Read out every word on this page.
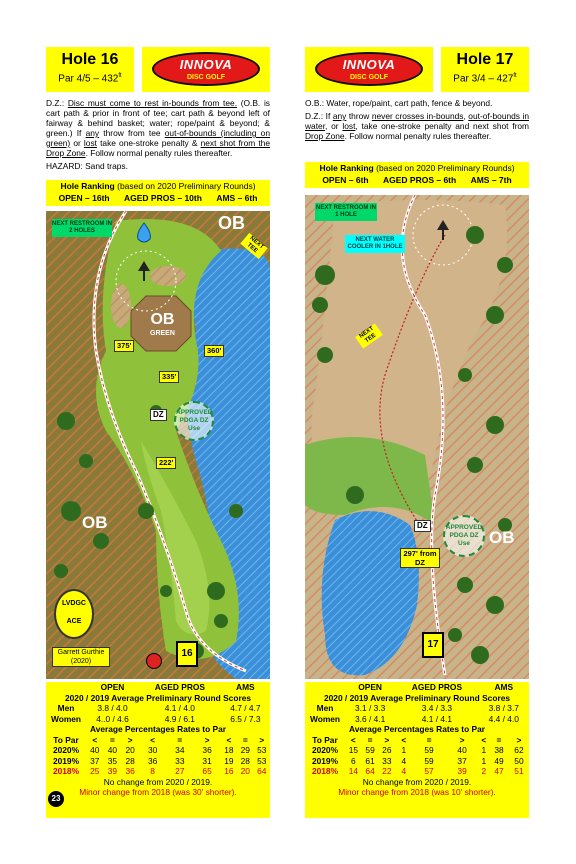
Hole 16
Par $4/5 - 432^{ft}$
INNOVA
DISC GOLF

D.Z.: Disc must come to rest in-bounds from tee. (O.B. is cart path & prior in front of tee; cart path & beyond left of fairway & behind basket; water; rope/paint & beyond; & green.) If any throw from tee out-of-bounds (including on green) or lost take one-stroke penalty & next shot from the Drop Zone. Follow normal penalty rules thereafter.

HAZARD: Sand traps.

Hole Ranking (based on 2020 Preliminary Rounds)
OPEN – 16th AGED PROS – 10th AMS – 6th
NEXT RESTROOM IN 2 HOLES	OB
NEXT TEE
OB
GREEN
375'
360'
335'
222'
DZ	APPROVED
PDGA DZ Use
OB
LVDGC
ACE
Garrett Gurthie
(2020)
16
	OPEN			AGED PROS			AMS		
2020 / 2019 Average Preliminary Round Scores									
Men	3.8 / 4.0			4.1 / 4.0			4.7 / 4.7		
Women	4..0 / 4.6			4.9 / 6.1			6.5 / 7.3		
Average Percentages Rates to Par									
To Par	<	=	>	<	=	>	<	=	>
2020%	40	40	20	30	34	36	18	29	53
2019%	37	35	28	36	33	31	19	28	53
2018%	25	39	36	8	27	65	16	20	64
No change from 2020 / 2019.									
Minor change from 2018 (was 30' shorter).									
23
INNOVA
DISC GOLF
Hole 17
Par $3/4 - 427^{ft}$

O.B.: Water, rope/paint, cart path, fence & beyond.

D.Z.: If any throw never crosses in-bounds, out-of-bounds in water, or lost, take one-stroke penalty and next shot from Drop Zone. Follow normal penalty rules thereafter.

Hole Ranking (based on 2020 Preliminary Rounds)
OPEN – 6th AGED PROS – 6th AMS – 7th
NEXT RESTROOM IN 1 HOLE
NEXT WATER COOLER IN 1HOLE
NEXT TEE
DZ
297' from DZ
APPROVED
PDGA DZ Use	OB
17
	OPEN			AGED PROS			AMS		
2020 / 2019 Average Preliminary Round Scores									
Men	3.1 / 3.3			3.4 / 3.3			3.8 / 3.7		
Women	3.6 / 4.1			4.1 / 4.1			4.4 / 4.0		
Average Percentages Rates to Par									
To Par	<	=	>	<	=	>	<	=	>
2020%	15	59	26	1	59	40	1	38	62
2019%	6	61	33	4	59	37	1	49	50
2018%	14	64	22	4	57	39	2	47	51
No change from 2020 / 2019.									
Minor change from 2018 (was 10' shorter).									
